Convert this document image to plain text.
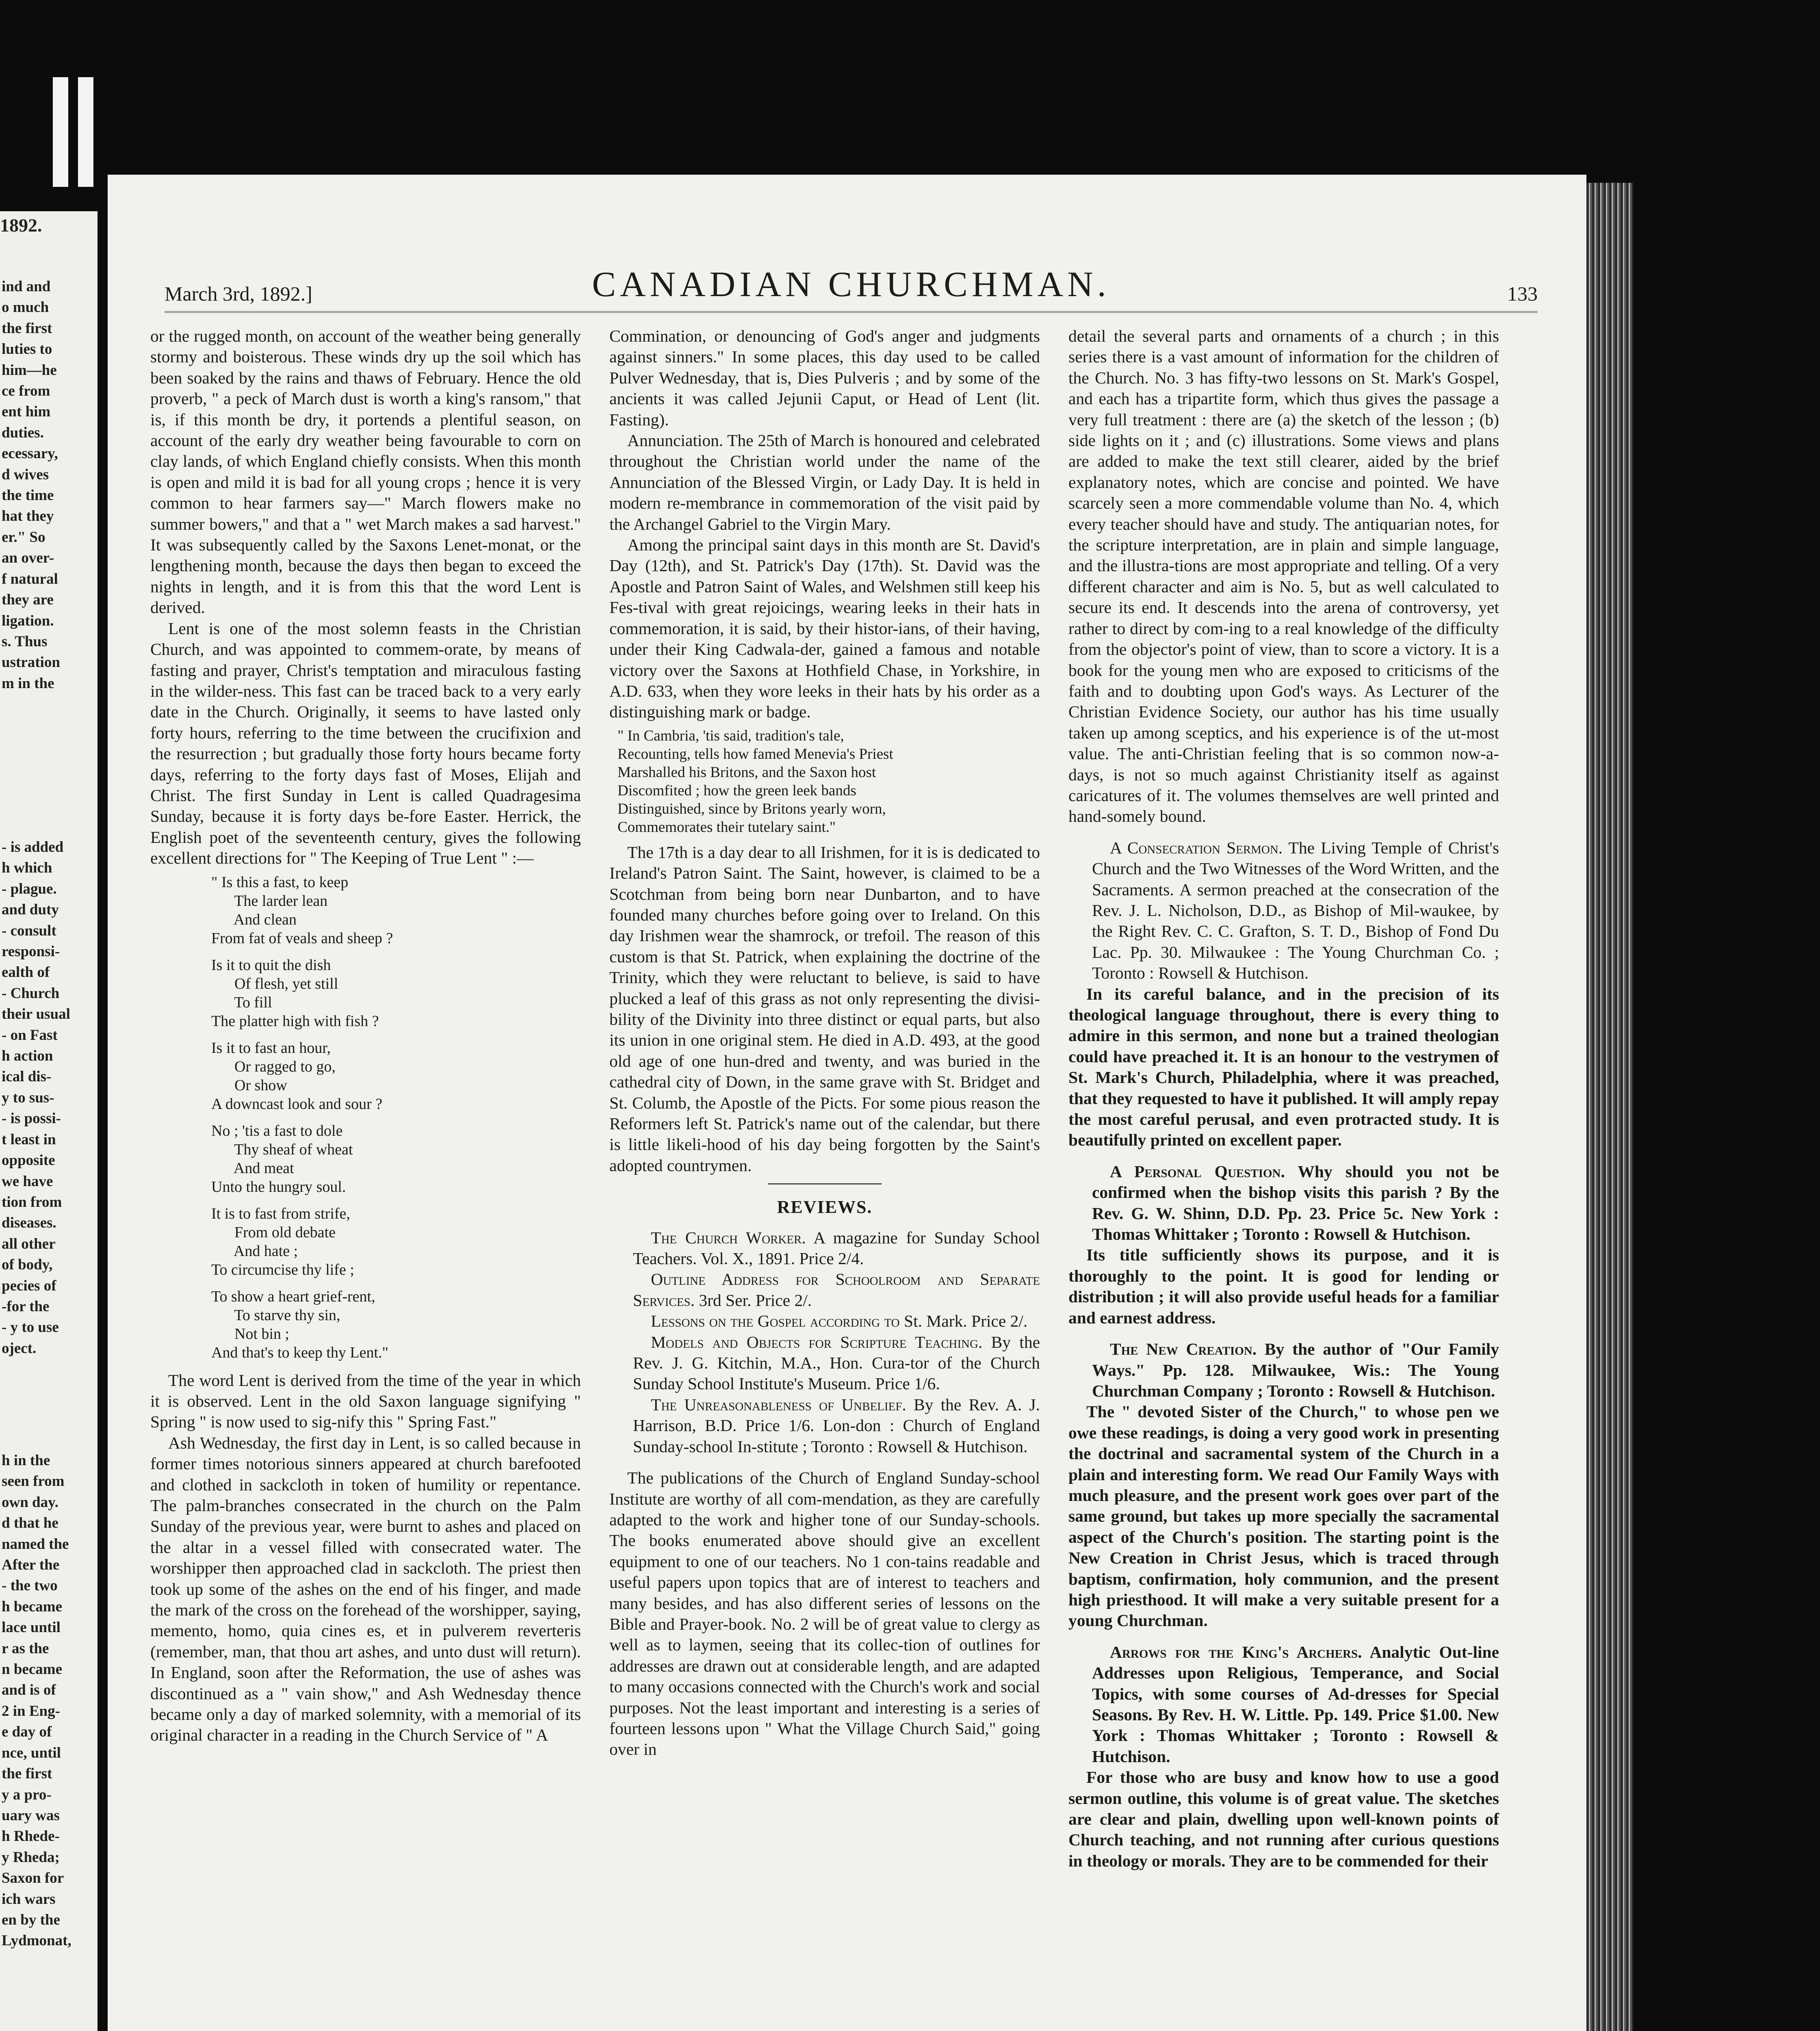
1892.
ind and
o much
the first
luties to
him—he
ce from
ent him
duties.
ecessary,
d wives
the time
hat they
er." So
an over-
f natural
they are
ligation.
s. Thus
ustration
m in the
- is added
h which
- plague.
and duty
- consult
responsi-
ealth of
- Church
their usual
- on Fast
h action
ical dis-
y to sus-
- is possi-
t least in
opposite
we have
tion from
diseases.
all other
of body,
pecies of
-for the
- y to use
oject.
h in the
seen from
own day.
d that he
named the
After the
- the two
h became
lace until
r as the
n became
and is of
2 in Eng-
e day of
nce, until
the first
y a pro-
uary was
h Rhede-
y Rheda;
Saxon for
ich wars
en by the
Lydmonat,
March 3rd, 1892.]	CANADIAN CHURCHMAN.	133

or the rugged month, on account of the weather being generally stormy and boisterous. These winds dry up the soil which has been soaked by the rains and thaws of February. Hence the old proverb, " a peck of March dust is worth a king's ransom," that is, if this month be dry, it portends a plentiful season, on account of the early dry weather being favourable to corn on clay lands, of which England chiefly consists. When this month is open and mild it is bad for all young crops ; hence it is very common to hear farmers say—" March flowers make no summer bowers," and that a " wet March makes a sad harvest." It was subsequently called by the Saxons Lenet-monat, or the lengthening month, because the days then began to exceed the nights in length, and it is from this that the word Lent is derived.

Lent is one of the most solemn feasts in the Christian Church, and was appointed to commem-orate, by means of fasting and prayer, Christ's temptation and miraculous fasting in the wilder-ness. This fast can be traced back to a very early date in the Church. Originally, it seems to have lasted only forty hours, referring to the time between the crucifixion and the resurrection ; but gradually those forty hours became forty days, referring to the forty days fast of Moses, Elijah and Christ. The first Sunday in Lent is called Quadragesima Sunday, because it is forty days be-fore Easter. Herrick, the English poet of the seventeenth century, gives the following excellent directions for " The Keeping of True Lent " :—

" Is this a fast, to keep
The larder lean
And clean
From fat of veals and sheep ?
Is it to quit the dish
Of flesh, yet still
To fill
The platter high with fish ?
Is it to fast an hour,
Or ragged to go,
Or show
A downcast look and sour ?
No ; 'tis a fast to dole
Thy sheaf of wheat
And meat
Unto the hungry soul.
It is to fast from strife,
From old debate
And hate ;
To circumcise thy life ;
To show a heart grief-rent,
To starve thy sin,
Not bin ;
And that's to keep thy Lent."

The word Lent is derived from the time of the year in which it is observed. Lent in the old Saxon language signifying " Spring " is now used to sig-nify this " Spring Fast."

Ash Wednesday, the first day in Lent, is so called because in former times notorious sinners appeared at church barefooted and clothed in sackcloth in token of humility or repentance. The palm-branches consecrated in the church on the Palm Sunday of the previous year, were burnt to ashes and placed on the altar in a vessel filled with consecrated water. The worshipper then approached clad in sackcloth. The priest then took up some of the ashes on the end of his finger, and made the mark of the cross on the forehead of the worshipper, saying, memento, homo, quia cines es, et in pulverem reverteris (remember, man, that thou art ashes, and unto dust will return). In England, soon after the Reformation, the use of ashes was discontinued as a " vain show," and Ash Wednesday thence became only a day of marked solemnity, with a memorial of its original character in a reading in the Church Service of " A

Commination, or denouncing of God's anger and judgments against sinners." In some places, this day used to be called Pulver Wednesday, that is, Dies Pulveris ; and by some of the ancients it was called Jejunii Caput, or Head of Lent (lit. Fasting).

Annunciation. The 25th of March is honoured and celebrated throughout the Christian world under the name of the Annunciation of the Blessed Virgin, or Lady Day. It is held in modern re-membrance in commemoration of the visit paid by the Archangel Gabriel to the Virgin Mary.

Among the principal saint days in this month are St. David's Day (12th), and St. Patrick's Day (17th). St. David was the Apostle and Patron Saint of Wales, and Welshmen still keep his Fes-tival with great rejoicings, wearing leeks in their hats in commemoration, it is said, by their histor-ians, of their having, under their King Cadwala-der, gained a famous and notable victory over the Saxons at Hothfield Chase, in Yorkshire, in A.D. 633, when they wore leeks in their hats by his order as a distinguishing mark or badge.

" In Cambria, 'tis said, tradition's tale,
Recounting, tells how famed Menevia's Priest
Marshalled his Britons, and the Saxon host
Discomfited ; how the green leek bands
Distinguished, since by Britons yearly worn,
Commemorates their tutelary saint."

The 17th is a day dear to all Irishmen, for it is is dedicated to Ireland's Patron Saint. The Saint, however, is claimed to be a Scotchman from being born near Dunbarton, and to have founded many churches before going over to Ireland. On this day Irishmen wear the shamrock, or trefoil. The reason of this custom is that St. Patrick, when explaining the doctrine of the Trinity, which they were reluctant to believe, is said to have plucked a leaf of this grass as not only representing the divisi-bility of the Divinity into three distinct or equal parts, but also its union in one original stem. He died in A.D. 493, at the good old age of one hun-dred and twenty, and was buried in the cathedral city of Down, in the same grave with St. Bridget and St. Columb, the Apostle of the Picts. For some pious reason the Reformers left St. Patrick's name out of the calendar, but there is little likeli-hood of his day being forgotten by the Saint's adopted countrymen.

REVIEWS.

The Church Worker. A magazine for Sunday School Teachers. Vol. X., 1891. Price 2/4.

Outline Address for Schoolroom and Separate Services. 3rd Ser. Price 2/.

Lessons on the Gospel according to St. Mark. Price 2/.

Models and Objects for Scripture Teaching. By the Rev. J. G. Kitchin, M.A., Hon. Cura-tor of the Church Sunday School Institute's Museum. Price 1/6.

The Unreasonableness of Unbelief. By the Rev. A. J. Harrison, B.D. Price 1/6. Lon-don : Church of England Sunday-school In-stitute ; Toronto : Rowsell & Hutchison.

The publications of the Church of England Sunday-school Institute are worthy of all com-mendation, as they are carefully adapted to the work and higher tone of our Sunday-schools. The books enumerated above should give an excellent equipment to one of our teachers. No 1 con-tains readable and useful papers upon topics that are of interest to teachers and many besides, and has also different series of lessons on the Bible and Prayer-book. No. 2 will be of great value to clergy as well as to laymen, seeing that its collec-tion of outlines for addresses are drawn out at considerable length, and are adapted to many occasions connected with the Church's work and social purposes. Not the least important and interesting is a series of fourteen lessons upon " What the Village Church Said," going over in

detail the several parts and ornaments of a church ; in this series there is a vast amount of information for the children of the Church. No. 3 has fifty-two lessons on St. Mark's Gospel, and each has a tripartite form, which thus gives the passage a very full treatment : there are (a) the sketch of the lesson ; (b) side lights on it ; and (c) illustrations. Some views and plans are added to make the text still clearer, aided by the brief explanatory notes, which are concise and pointed. We have scarcely seen a more commendable volume than No. 4, which every teacher should have and study. The antiquarian notes, for the scripture interpretation, are in plain and simple language, and the illustra-tions are most appropriate and telling. Of a very different character and aim is No. 5, but as well calculated to secure its end. It descends into the arena of controversy, yet rather to direct by com-ing to a real knowledge of the difficulty from the objector's point of view, than to score a victory. It is a book for the young men who are exposed to criticisms of the faith and to doubting upon God's ways. As Lecturer of the Christian Evidence Society, our author has his time usually taken up among sceptics, and his experience is of the ut-most value. The anti-Christian feeling that is so common now-a-days, is not so much against Christianity itself as against caricatures of it. The volumes themselves are well printed and hand-somely bound.

A Consecration Sermon. The Living Temple of Christ's Church and the Two Witnesses of the Word Written, and the Sacraments. A sermon preached at the consecration of the Rev. J. L. Nicholson, D.D., as Bishop of Mil-waukee, by the Right Rev. C. C. Grafton, S. T. D., Bishop of Fond Du Lac. Pp. 30. Milwaukee : The Young Churchman Co. ; Toronto : Rowsell & Hutchison.

In its careful balance, and in the precision of its theological language throughout, there is every thing to admire in this sermon, and none but a trained theologian could have preached it. It is an honour to the vestrymen of St. Mark's Church, Philadelphia, where it was preached, that they requested to have it published. It will amply repay the most careful perusal, and even protracted study. It is beautifully printed on excellent paper.

A Personal Question. Why should you not be confirmed when the bishop visits this parish ? By the Rev. G. W. Shinn, D.D. Pp. 23. Price 5c. New York : Thomas Whittaker ; Toronto : Rowsell & Hutchison.

Its title sufficiently shows its purpose, and it is thoroughly to the point. It is good for lending or distribution ; it will also provide useful heads for a familiar and earnest address.

The New Creation. By the author of "Our Family Ways." Pp. 128. Milwaukee, Wis.: The Young Churchman Company ; Toronto : Rowsell & Hutchison.

The " devoted Sister of the Church," to whose pen we owe these readings, is doing a very good work in presenting the doctrinal and sacramental system of the Church in a plain and interesting form. We read Our Family Ways with much pleasure, and the present work goes over part of the same ground, but takes up more specially the sacramental aspect of the Church's position. The starting point is the New Creation in Christ Jesus, which is traced through baptism, confirmation, holy communion, and the present high priesthood. It will make a very suitable present for a young Churchman.

Arrows for the King's Archers. Analytic Out-line Addresses upon Religious, Temperance, and Social Topics, with some courses of Ad-dresses for Special Seasons. By Rev. H. W. Little. Pp. 149. Price $1.00. New York : Thomas Whittaker ; Toronto : Rowsell & Hutchison.

For those who are busy and know how to use a good sermon outline, this volume is of great value. The sketches are clear and plain, dwelling upon well-known points of Church teaching, and not running after curious questions in theology or morals. They are to be commended for their
